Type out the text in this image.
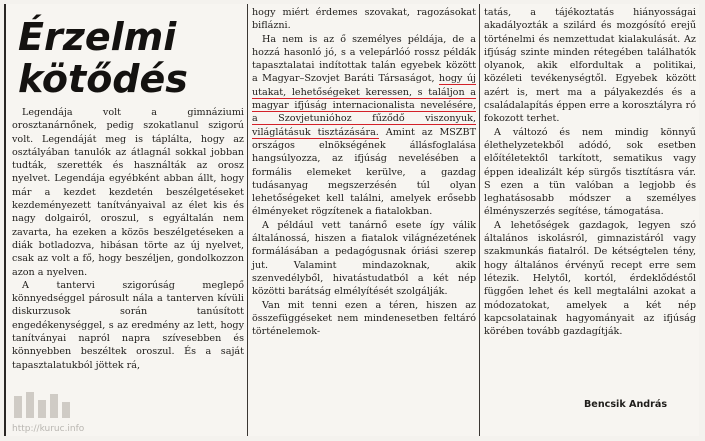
Érzelmi
kötődés

Legendája volt a gimnáziumi orosztanárnőnek, pedig szokatlanul szigorú volt. Legendáját meg is táplálta, hogy az osztályában tanulók az átlagnál sokkal jobban tudták, szerették és használták az orosz nyelvet. Legendája egyébként abban állt, hogy már a kezdet kezdetén beszélgetéseket kezdeményezett tanítványaival az élet kis és nagy dolgairól, oroszul, s egyáltalán nem zavarta, ha ezeken a közös beszélgetéseken a diák botladozva, hibásan törte az új nyelvet, csak az volt a fő, hogy beszéljen, gondolkozzon azon a nyelven.

A tantervi szigorúság meglepő könnyedséggel párosult nála a tanterven kívüli diskurzusok során tanúsított engedékenységgel, s az eredmény az lett, hogy tanítványai napról napra szívesebben és könnyebben beszéltek oroszul. És a saját tapasztalatukból jöttek rá,

hogy miért érdemes szovakat, ragozásokat biflázni.

Ha nem is az ő személyes példája, de a hozzá hasonló jó, s a velepárlóó rossz példák tapasztalatai indítottak talán egyebek között a Magyar–Szovjet Baráti Társaságot, hogy új utakat, lehetőségeket keressen, s találjon a magyar ifjúság internacionalista nevelésére, a Szovjetunióhoz fűződő viszonyuk, világlátásuk tisztázására. Amint az MSZBT országos elnökségének állásfoglalása hangsúlyozza, az ifjúság nevelésében a formális elemeket kerülve, a gazdag tudásanyag megszerzésén túl olyan lehetőségeket kell találni, amelyek erősebb élményeket rögzítenek a fiatalokban.

A például vett tanárnő esete így válik általánossá, hiszen a fiatalok világnézetének formálásában a pedagógusnak óriási szerep jut. Valamint mindazoknak, akik szenvedélyből, hivatástudatból a két nép közötti barátság elmélyítését szolgálják.

Van mit tenni ezen a téren, hiszen az összefüggéseket nem mindenesetben feltáró történelemok-

tatás, a tájékoztatás hiányosságai akadályozták a szilárd és mozgósító erejű történelmi és nemzettudat kialakulását. Az ifjúság szinte minden rétegében találhatók olyanok, akik elfordultak a politikai, közéleti tevékenységtől. Egyebek között azért is, mert ma a pályakezdés és a családalapítás éppen erre a korosztályra ró fokozott terhet.

A változó és nem mindig könnyű élethelyzetekből adódó, sok esetben előítéletektől tarkított, sematikus vagy éppen idealizált kép sürgős tisztításra vár. S ezen a tün valóban a legjobb és leghatásosabb módszer a személyes élményszerzés segítése, támogatása.

A lehetőségek gazdagok, legyen szó általános iskolásról, gimnazistáról vagy szakmunkás fiatalról. De kétségtelen tény, hogy általános érvényű recept erre sem létezik. Helytől, kortól, érdeklődéstől függően lehet és kell megtalálni azokat a módozatokat, amelyek a két nép kapcsolatainak hagyományait az ifjúság körében tovább gazdagítják.

Bencsik András
http://kuruc.info
